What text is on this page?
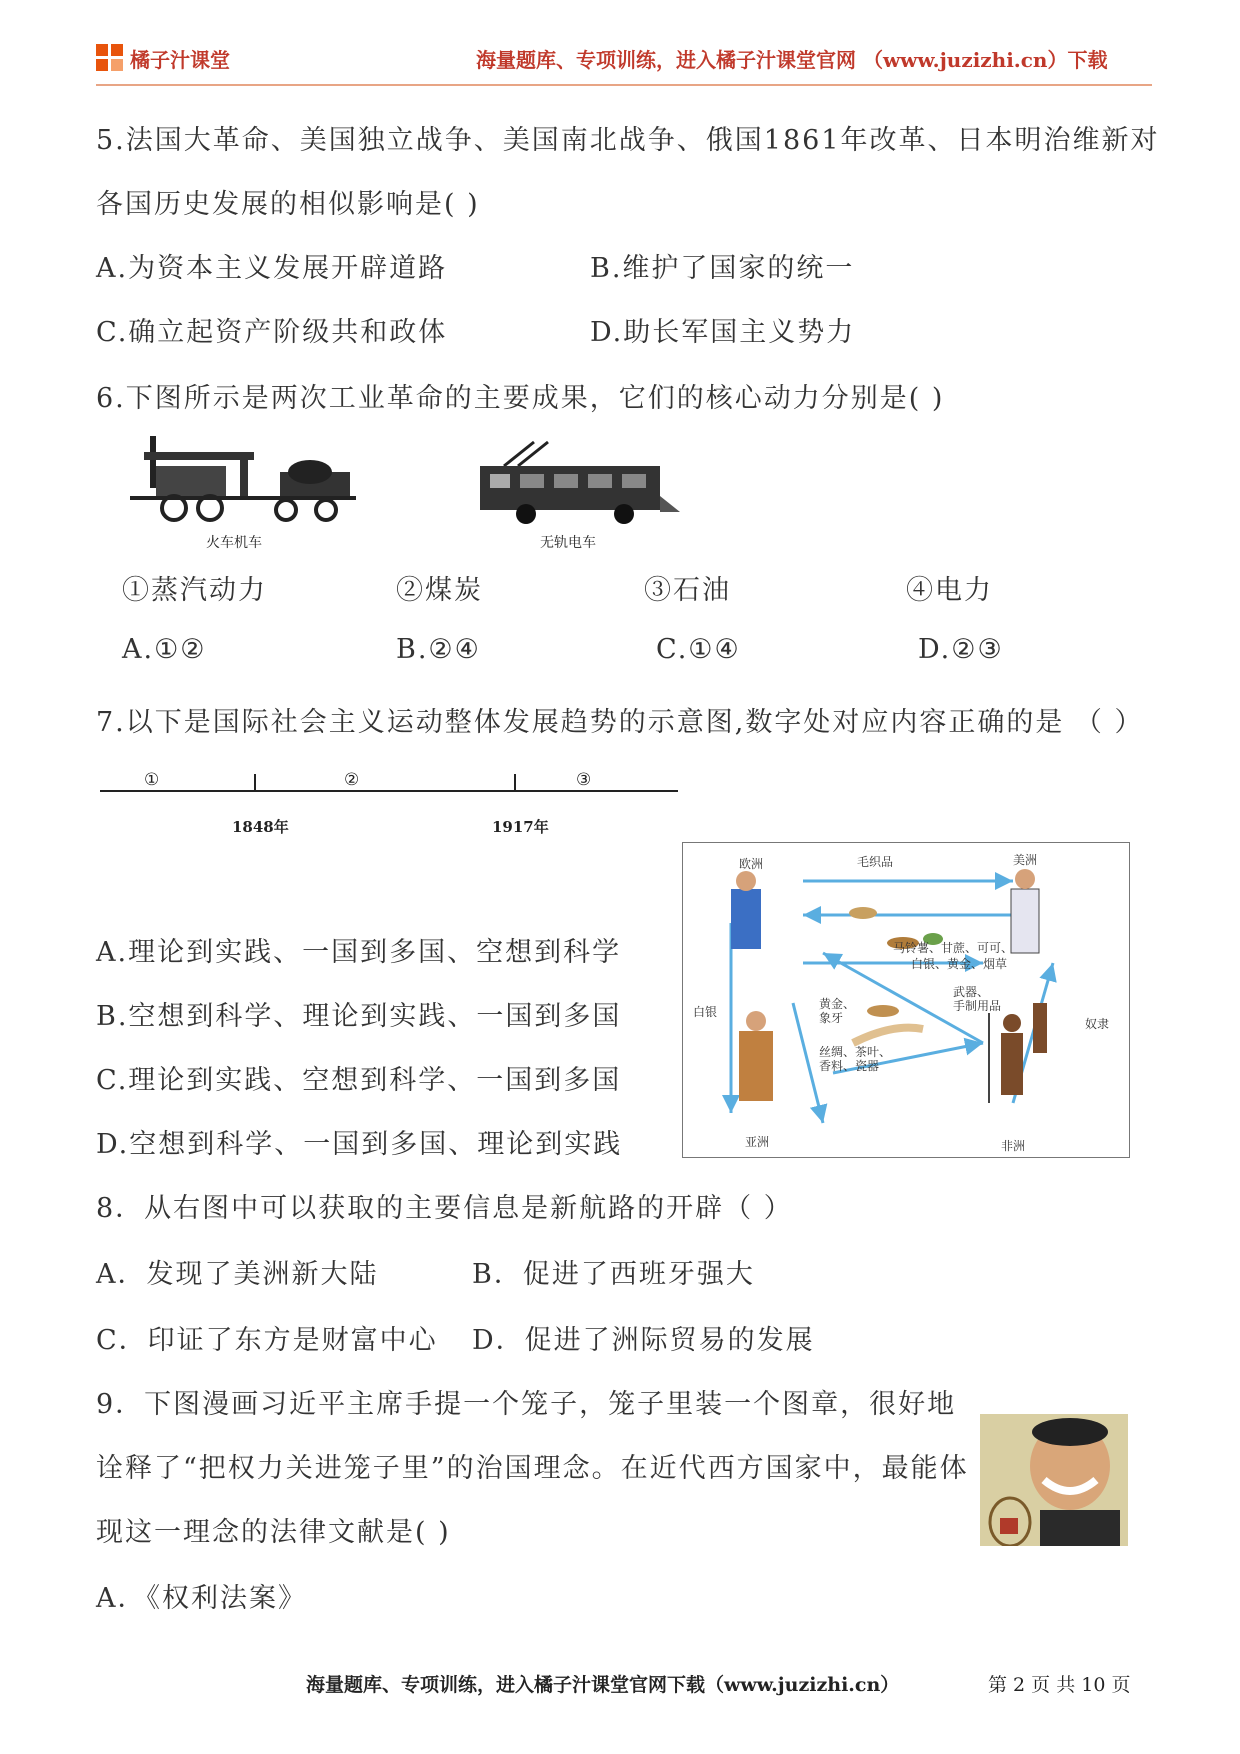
橘子汁课堂	海量题库、专项训练，进入橘子汁课堂官网 （www.juzizhi.cn）下载
5.法国大革命、美国独立战争、美国南北战争、俄国1861年改革、日本明治维新对
各国历史发展的相似影响是( )
A.为资本主义发展开辟道路	B.维护了国家的统一
C.确立起资产阶级共和政体	D.助长军国主义势力
6.下图所示是两次工业革命的主要成果，它们的核心动力分别是( )
火车机车	无轨电车
①蒸汽动力	②煤炭	③石油	④电力
A.①②	B.②④	C.①④	D.②③
7.以下是国际社会主义运动整体发展趋势的示意图,数字处对应内容正确的是 （ ）
①	②	③
1848年	1917年
A.理论到实践、一国到多国、空想到科学
B.空想到科学、理论到实践、一国到多国
C.理论到实践、空想到科学、一国到多国
D.空想到科学、一国到多国、理论到实践
欧洲	美洲
亚洲	非洲
毛织品
马铃薯、甘蔗、可可、
白银、黄金、烟草
黄金、
象牙
武器、
手制用品
白银
丝绸、茶叶、
香料、瓷器
奴隶
8．从右图中可以获取的主要信息是新航路的开辟（ ）
A．发现了美洲新大陆	B．促进了西班牙强大
C．印证了东方是财富中心 D．促进了洲际贸易的发展
9．下图漫画习近平主席手提一个笼子，笼子里装一个图章，很好地
诠释了“把权力关进笼子里”的治国理念。在近代西方国家中，最能体
现这一理念的法律文献是( )
A．《权利法案》
海量题库、专项训练，进入橘子汁课堂官网下载（www.juzizhi.cn）	第 2 页 共 10 页
